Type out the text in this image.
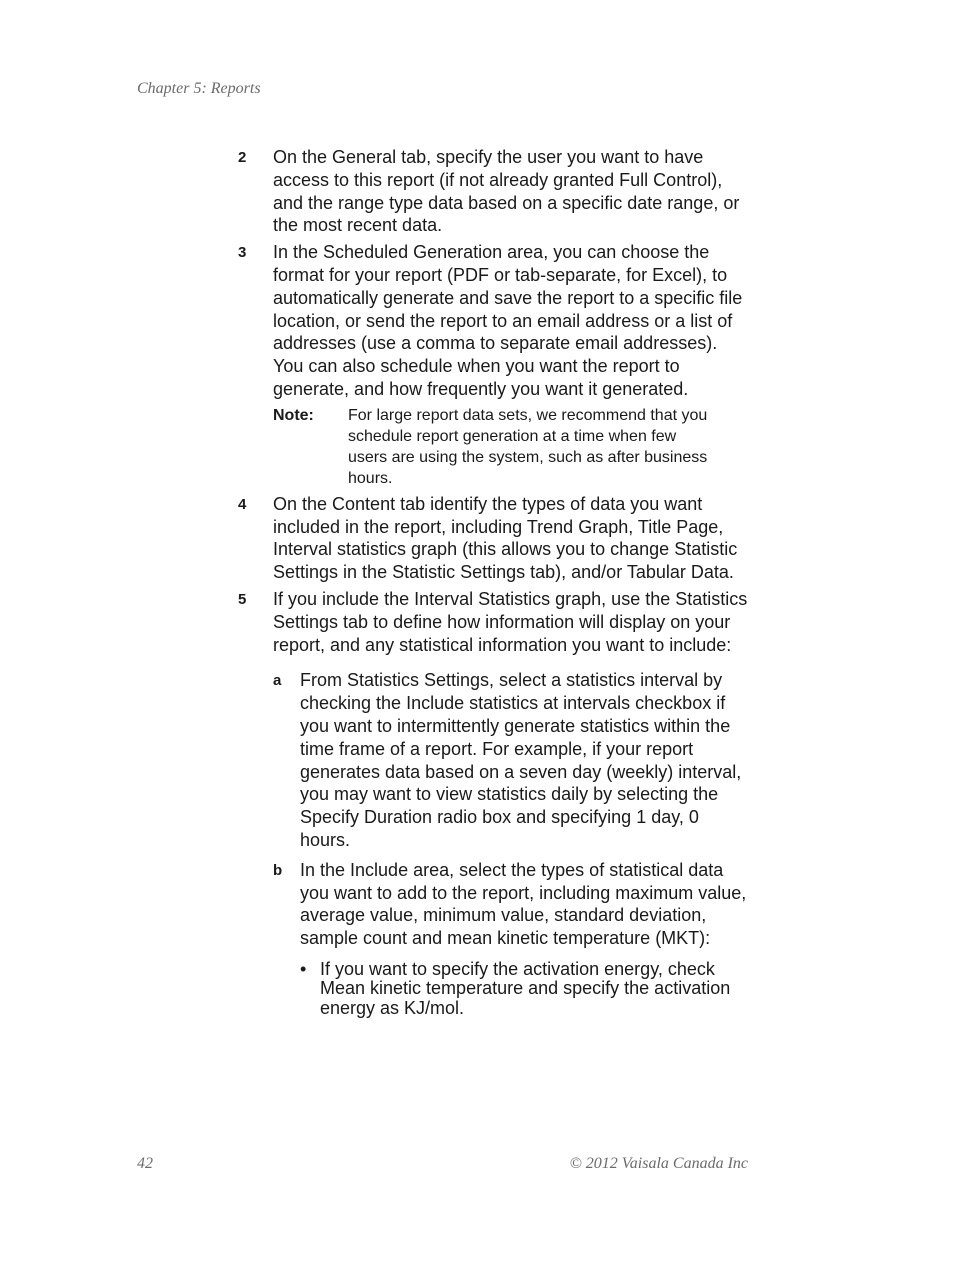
Chapter 5: Reports
2 On the General tab, specify the user you want to have access to this report (if not already granted Full Control), and the range type data based on a specific date range, or the most recent data.
3 In the Scheduled Generation area, you can choose the format for your report (PDF or tab-separate, for Excel), to automatically generate and save the report to a specific file location, or send the report to an email address or a list of addresses (use a comma to separate email addresses). You can also schedule when you want the report to generate, and how frequently you want it generated.
Note: For large report data sets, we recommend that you schedule report generation at a time when few users are using the system, such as after business hours.
4 On the Content tab identify the types of data you want included in the report, including Trend Graph, Title Page, Interval statistics graph (this allows you to change Statistic Settings in the Statistic Settings tab), and/or Tabular Data.
5 If you include the Interval Statistics graph, use the Statistics Settings tab to define how information will display on your report, and any statistical information you want to include:
a From Statistics Settings, select a statistics interval by checking the Include statistics at intervals checkbox if you want to intermittently generate statistics within the time frame of a report. For example, if your report generates data based on a seven day (weekly) interval, you may want to view statistics daily by selecting the Specify Duration radio box and specifying 1 day, 0 hours.
b In the Include area, select the types of statistical data you want to add to the report, including maximum value, average value, minimum value, standard deviation, sample count and mean kinetic temperature (MKT):
• If you want to specify the activation energy, check Mean kinetic temperature and specify the activation energy as KJ/mol.
42	© 2012 Vaisala Canada Inc
